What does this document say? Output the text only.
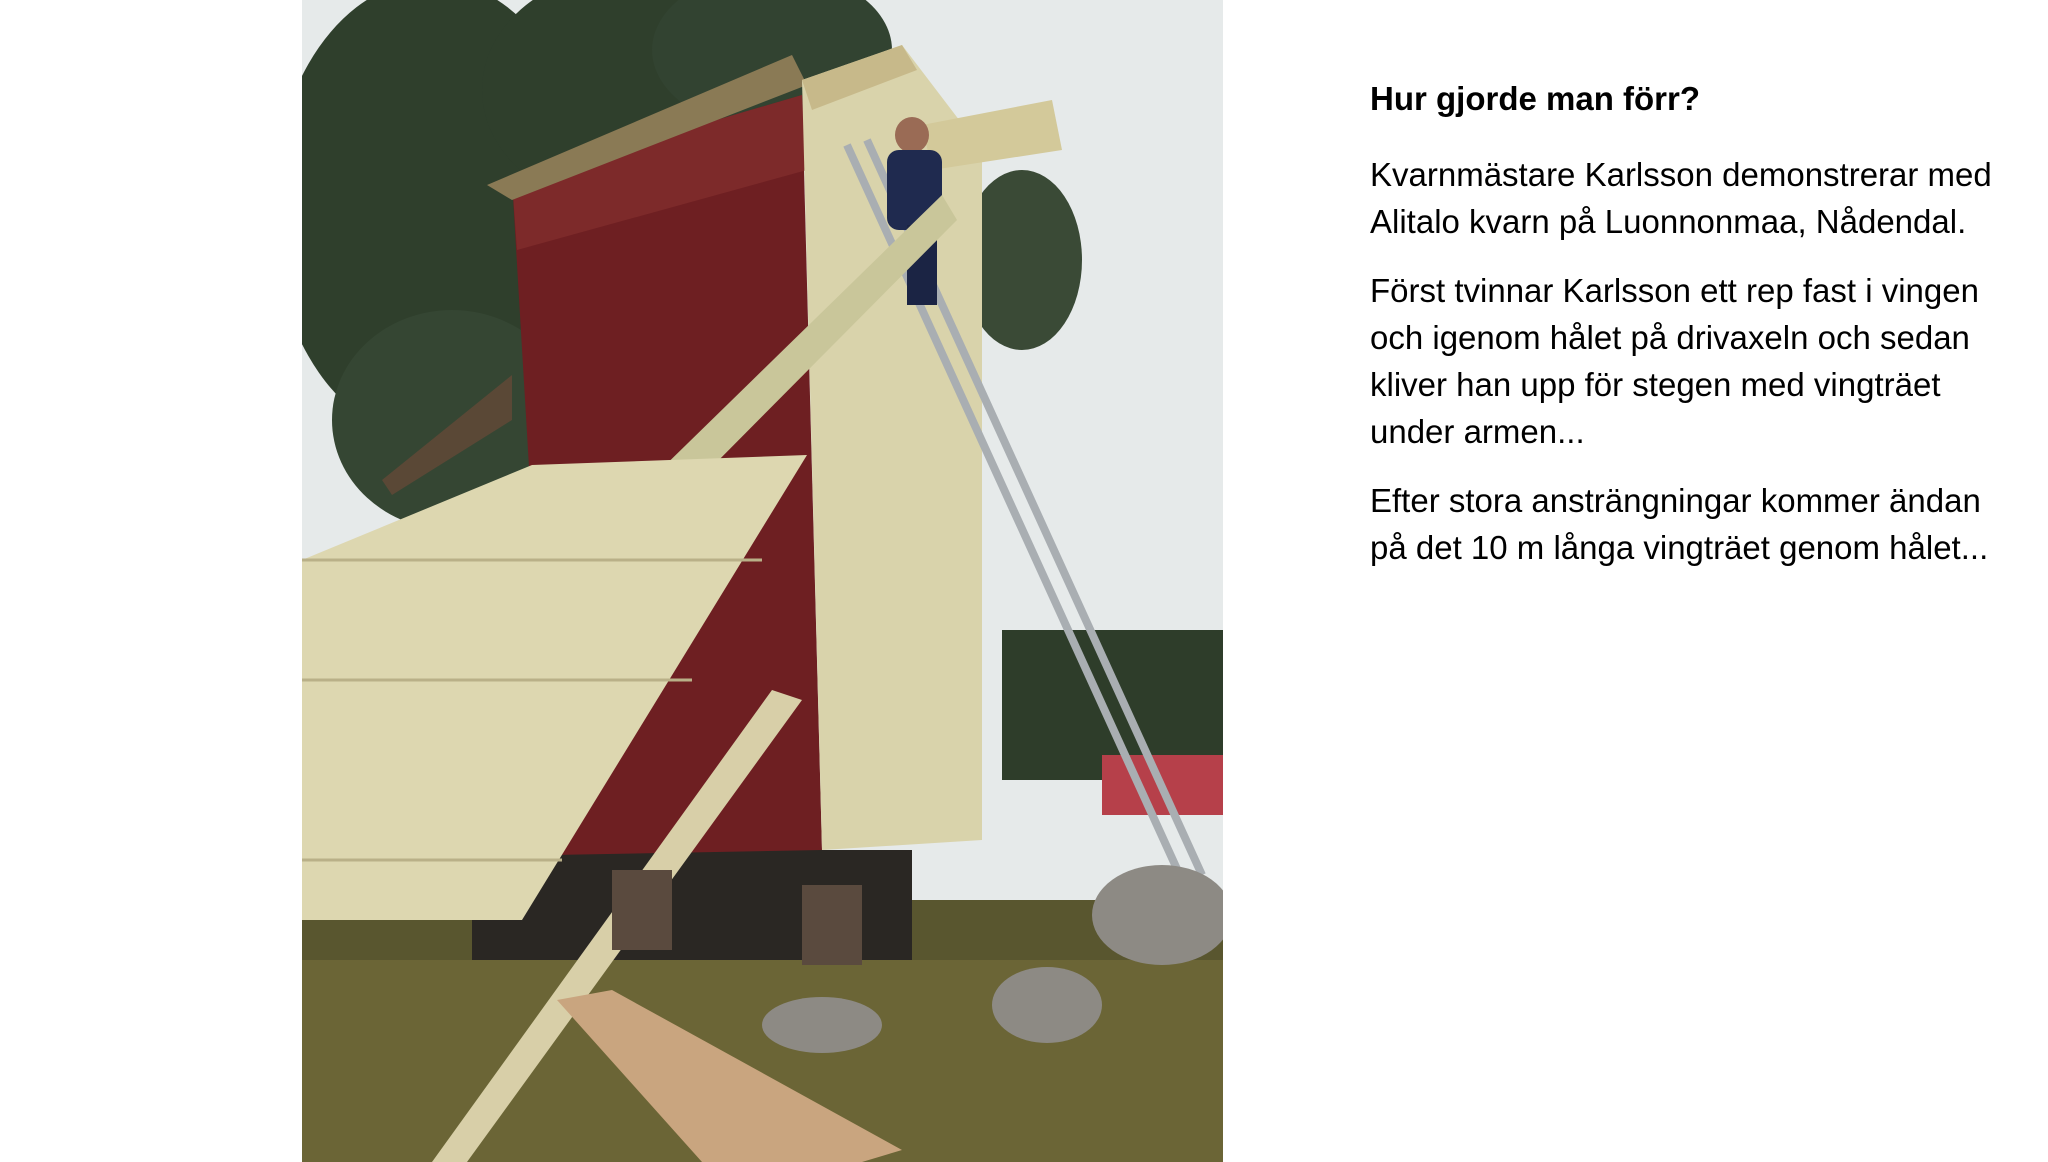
Hur gjorde man förr?

Kvarnmästare Karlsson demonstrerar med Alitalo kvarn på Luonnonmaa, Nådendal.

Först tvinnar Karlsson ett rep fast i vingen och igenom hålet på drivaxeln och sedan kliver han upp för stegen med vingträet under armen...

Efter stora ansträngningar kommer ändan på det 10 m långa vingträet genom hålet...
